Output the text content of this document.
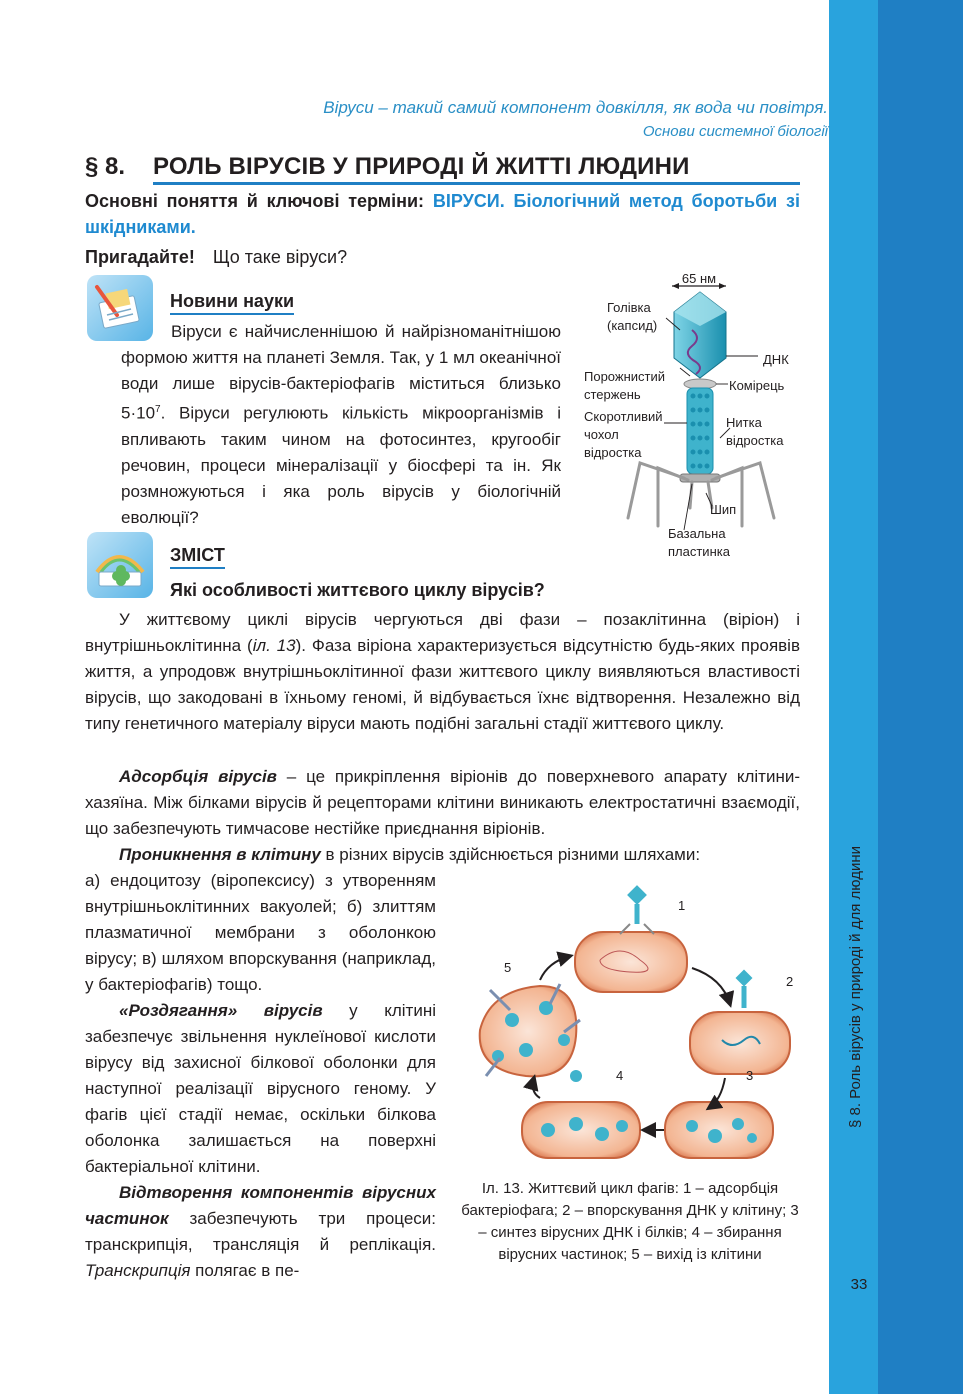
33
Віруси – такий самий компонент довкілля, як вода чи повітря.
Основи системної біології
§ 8. РОЛЬ ВІРУСІВ У ПРИРОДІ Й ЖИТТІ ЛЮДИНИ
Основні поняття й ключові терміни: ВІРУСИ. Біологічний метод боротьби зі шкідниками.
Пригадайте! Що таке віруси?
Новини науки
Віруси є найчисленнішою й найрізноманітнішою формою життя на планеті Земля. Так, у 1 мл океанічної води лише вірусів-бактеріофагів міститься близько $5\cdot 10^7$. Віруси регулюють кількість мікроорганізмів і впливають таким чином на фотосинтез, кругообіг речовин, процеси мінералізації у біосфері та ін. Як розмножуються і яка роль вірусів у біологічній еволюції?
65 нм
Голівка
(капсид)
ДНК
Порожнистий
стержень
Комірець
Скоротливий
чохол
відростка
Нитка
відростка
Шип
Базальна
пластинка
ЗМІСТ
Які особливості життєвого циклу вірусів?
У життєвому циклі вірусів чергуються дві фази – позаклітинна (віріон) і внутрішньоклітинна (іл. 13). Фаза віріона характеризується відсутністю будь-яких проявів життя, а упродовж внутрішньоклітинної фази життєвого циклу виявляються властивості вірусів, що закодовані в їхньому геномі, й відбувається їхнє відтворення. Незалежно від типу генетичного матеріалу віруси мають подібні загальні стадії життєвого циклу.
Адсорбція вірусів – це прикріплення віріонів до поверхневого апарату клітини-хазяїна. Між білками вірусів й рецепторами клітини виникають електростатичні взаємодії, що забезпечують тимчасове нестійке приєднання віріонів.
Проникнення в клітину в різних вірусів здійснюється різними шляхами:
а) ендоцитозу (віропексису) з утворенням внутрішньоклітинних вакуолей; б) злиттям плазматичної мембрани з оболонкою вірусу; в) шляхом впорскування (наприклад, у бактеріофагів) тощо.
«Роздягання» вірусів у клітині забезпечує звільнення нуклеїнової кислоти вірусу від захисної білкової оболонки для наступної реалізації вірусного геному. У фагів цієї стадії немає, оскільки білкова оболонка залишається на поверхні бактеріальної клітини.
Відтворення компонентів вірусних частинок забезпечують три процеси: транскрипція, трансляція й реплікація. Транскрипція полягає в пе-
1
2
3
4
5
Іл. 13. Життєвий цикл фагів: 1 – адсорбція бактеріофага; 2 – впорскування ДНК у клітину; 3 – синтез вірусних ДНК і білків; 4 – збирання вірусних частинок; 5 – вихід із клітини
